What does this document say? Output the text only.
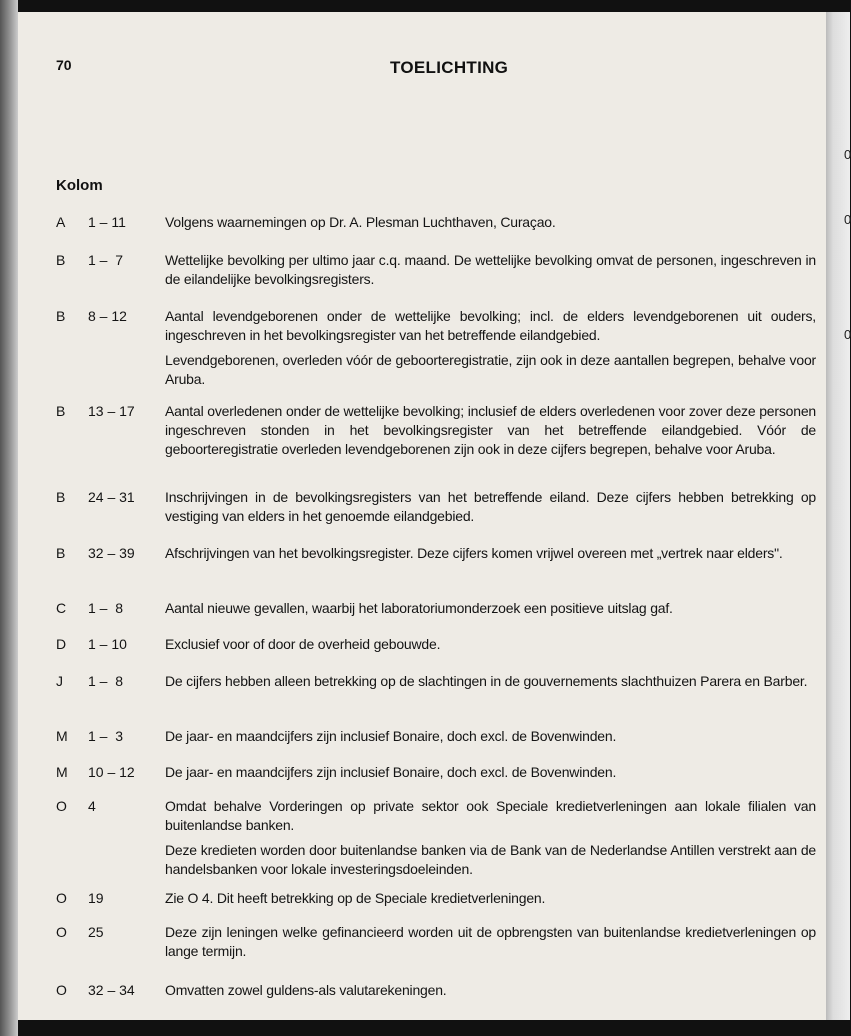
0
0
0
70	TOELICHTING
Kolom
A 1 – 11	Volgens waarnemingen op Dr. A. Plesman Luchthaven, Curaçao.

B 1 –  7	Wettelijke bevolking per ultimo jaar c.q. maand. De wettelijke bevolking omvat de personen, ingeschreven in de eilandelijke bevolkingsregisters.

B 8 – 12	Aantal levendgeborenen onder de wettelijke bevolking; incl. de elders levendgeborenen uit ouders, ingeschreven in het bevolkingsregister van het betreffende eilandgebied.

Levendgeborenen, overleden vóór de geboorteregistratie, zijn ook in deze aantallen begrepen, behalve voor Aruba.

B 13 – 17 Aantal overledenen onder de wettelijke bevolking; inclusief de elders overledenen voor zover deze personen ingeschreven stonden in het bevolkingsregister van het betreffende eilandgebied. Vóór de geboorteregistratie overleden levendgeborenen zijn ook in deze cijfers begrepen, behalve voor Aruba.

B 24 – 31 Inschrijvingen in de bevolkingsregisters van het betreffende eiland. Deze cijfers hebben betrekking op vestiging van elders in het genoemde eilandgebied.

B 32 – 39 Afschrijvingen van het bevolkingsregister. Deze cijfers komen vrijwel overeen met „vertrek naar elders".

C 1 –  8	Aantal nieuwe gevallen, waarbij het laboratoriumonderzoek een positieve uitslag gaf.

D 1 – 10	Exclusief voor of door de overheid gebouwde.

J 1 –  8	De cijfers hebben alleen betrekking op de slachtingen in de gouvernements slachthuizen Parera en Barber.

M 1 –  3	De jaar- en maandcijfers zijn inclusief Bonaire, doch excl. de Bovenwinden.

M 10 – 12 De jaar- en maandcijfers zijn inclusief Bonaire, doch excl. de Bovenwinden.

O 4	Omdat behalve Vorderingen op private sektor ook Speciale kredietverleningen aan lokale filialen van buitenlandse banken.

Deze kredieten worden door buitenlandse banken via de Bank van de Nederlandse Antillen verstrekt aan de handelsbanken voor lokale investeringsdoeleinden.

O 19	Zie O 4. Dit heeft betrekking op de Speciale kredietverleningen.

O 25	Deze zijn leningen welke gefinancieerd worden uit de opbrengsten van buitenlandse kredietverleningen op lange termijn.

O 32 – 34 Omvatten zowel guldens-als valutarekeningen.
